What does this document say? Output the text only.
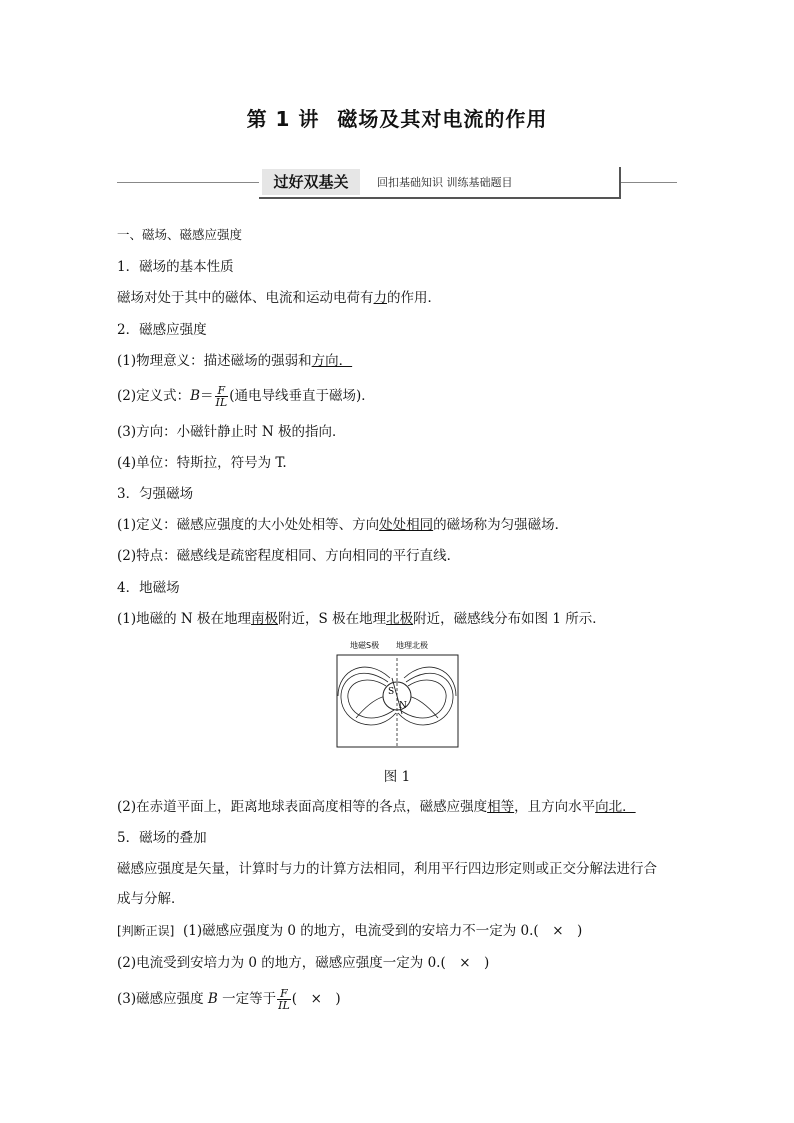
第 1 讲 磁场及其对电流的作用
过好双基关	回扣基础知识 训练基础题目
一、磁场、磁感应强度
1．磁场的基本性质
磁场对处于其中的磁体、电流和运动电荷有力的作用．
2．磁感应强度
(1)物理意义：描述磁场的强弱和方向．
(2)定义式：$B= \frac{F}{IL}$ (通电导线垂直于磁场)．
(3)方向：小磁针静止时 N 极的指向．
(4)单位：特斯拉，符号为 T.
3．匀强磁场
(1)定义：磁感应强度的大小处处相等、方向处处相同的磁场称为匀强磁场．
(2)特点：磁感线是疏密程度相同、方向相同的平行直线．
4．地磁场
(1)地磁的 N 极在地理南极附近，S 极在地理北极附近，磁感线分布如图 1 所示．
地磁S极 地理北极
S
N
图 1
(2)在赤道平面上，距离地球表面高度相等的各点，磁感应强度相等，且方向水平向北．
5．磁场的叠加
磁感应强度是矢量，计算时与力的计算方法相同，利用平行四边形定则或正交分解法进行合
成与分解．
[判断正误] (1)磁感应强度为 0 的地方，电流受到的安培力不一定为 0.(　×　)
(2)电流受到安培力为 0 的地方，磁感应强度一定为 0.(　×　)
(3)磁感应强度 B 一定等于 $\frac{F}{IL}$ (　×　)
